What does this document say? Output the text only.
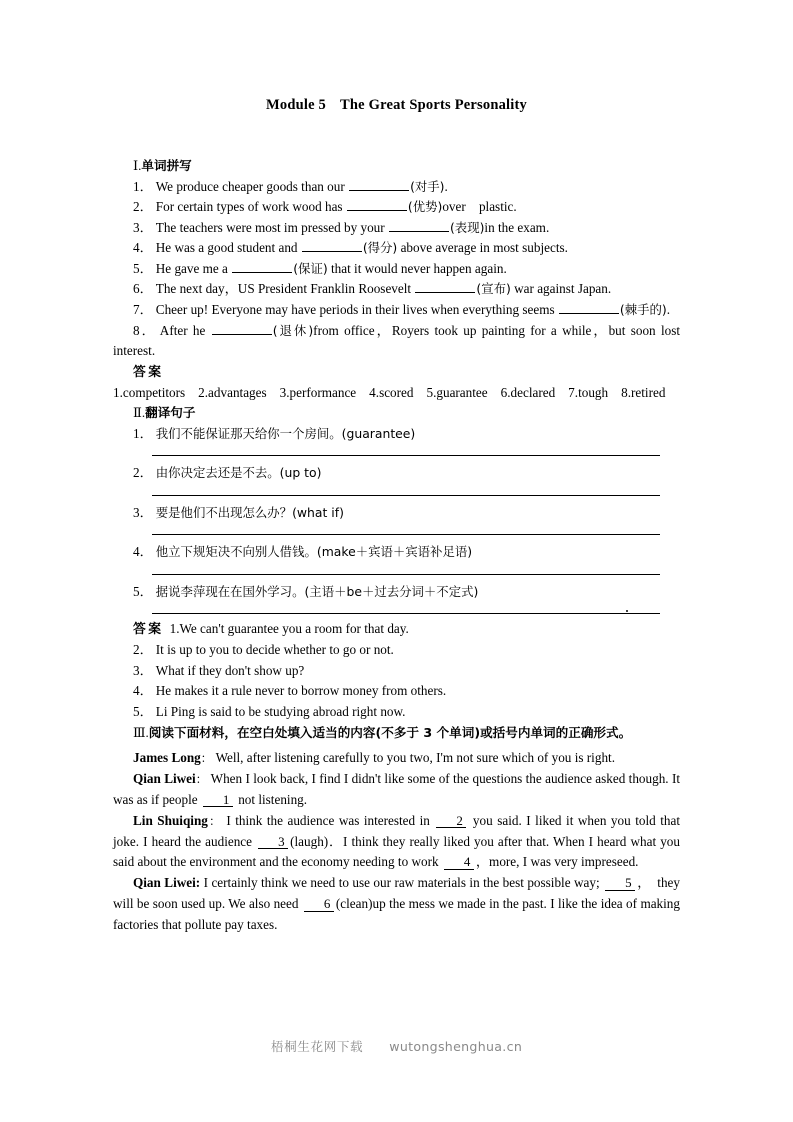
Module 5 The Great Sports Personality
Ⅰ.单词拼写
1． We produce cheaper goods than our	(对手).
2． For certain types of work wood has	(优势)over　plastic.
3． The teachers were most im pressed by your	(表现)in the exam.
4． He was a good student and	(得分) above average in most subjects.
5． He gave me a	(保证) that it would never happen again.
6． The next day，US President Franklin Roosevelt	(宣布) war against Japan.
7． Cheer up! Everyone may have periods in their lives when everything seems	(棘手的).
8． After he	(退休)from office，Royers took up painting for a while，but soon lost interest.
答案1.competitors 2.advantages 3.performance 4.scored 5.guarantee 6.declared 7.tough 8.retired
Ⅱ.翻译句子
1． 我们不能保证那天给你一个房间。(guarantee)
2． 由你决定去还是不去。(up to)
3． 要是他们不出现怎么办？(what if)
4． 他立下规矩决不向别人借钱。(make＋宾语＋宾语补足语)
5． 据说李萍现在在国外学习。(主语＋be＋过去分词＋不定式)
答案 1.We can't guarantee you a room for that day.
2． It is up to you to decide whether to go or not.
3． What if they don't show up?
4． He makes it a rule never to borrow money from others.
5． Li Ping is said to be studying abroad right now.
Ⅲ.阅读下面材料，在空白处填入适当的内容(不多于 3 个单词)或括号内单词的正确形式。
James Long： Well, after listening carefully to you two, I'm not sure which of you is right.
Qian Liwei： When I look back, I find I didn't like some of the questions the audience asked though. It was as if people 1 not listening.
Lin Shuiqing： I think the audience was interested in 2 you said. I liked it when you told that joke. I heard the audience 3 (laugh)．I think they really liked you after that. When I heard what you said about the environment and the economy needing to work 4 ，more, I was very impreseed.
Qian Liwei: I certainly think we need to use our raw materials in the best possible way; 5 ，　they will be soon used up. We also need 6 (clean)up the mess we made in the past. I like the idea of making factories that pollute pay taxes.
梧桐生花网下载 wutongshenghua.cn
